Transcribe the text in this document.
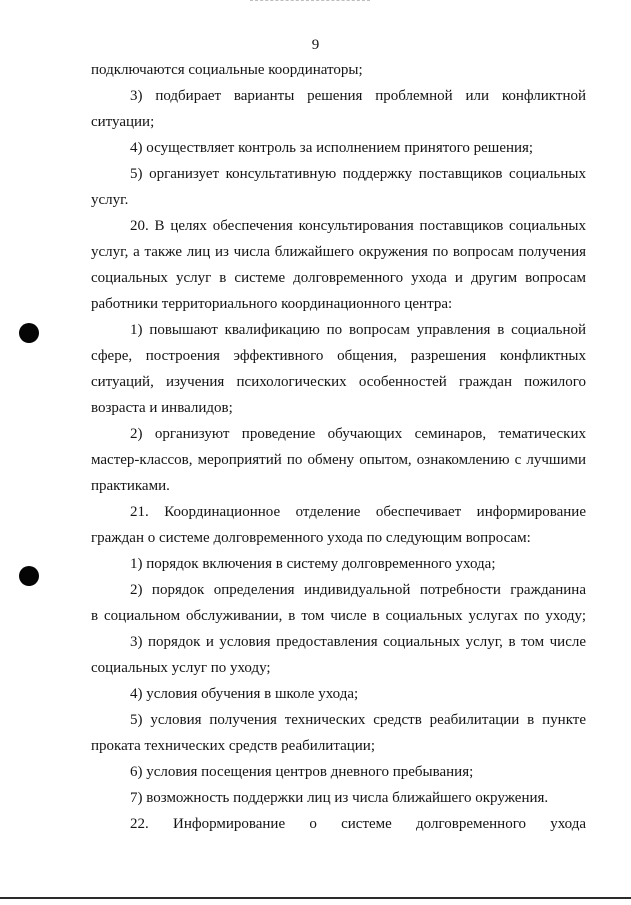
9
подключаются социальные координаторы;
3) подбирает варианты решения проблемной или конфликтной
ситуации;
4) осуществляет контроль за исполнением принятого решения;
5) организует консультативную поддержку поставщиков социальных
услуг.
20. В целях обеспечения консультирования поставщиков социальных
услуг, а также лиц из числа ближайшего окружения по вопросам получения
социальных услуг в системе долговременного ухода и другим вопросам
работники территориального координационного центра:
1) повышают квалификацию по вопросам управления в социальной
сфере, построения эффективного общения, разрешения конфликтных
ситуаций, изучения психологических особенностей граждан пожилого
возраста и инвалидов;
2) организуют проведение обучающих семинаров, тематических
мастер-классов, мероприятий по обмену опытом, ознакомлению с лучшими
практиками.
21. Координационное отделение обеспечивает информирование
граждан о системе долговременного ухода по следующим вопросам:
1) порядок включения в систему долговременного ухода;
2) порядок определения индивидуальной потребности гражданина
в социальном обслуживании, в том числе в социальных услугах по уходу;
3) порядок и условия предоставления социальных услуг, в том числе
социальных услуг по уходу;
4) условия обучения в школе ухода;
5) условия получения технических средств реабилитации в пункте
проката технических средств реабилитации;
6) условия посещения центров дневного пребывания;
7) возможность поддержки лиц из числа ближайшего окружения.
22. Информирование о системе долговременного ухода
